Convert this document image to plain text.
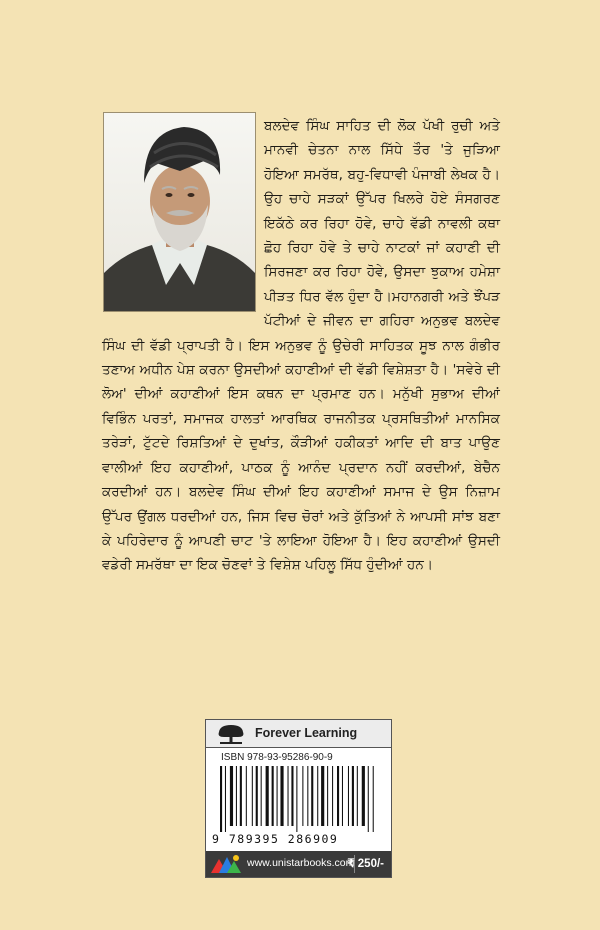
ਬਲਦੇਵ ਸਿੰਘ ਸਾਹਿਤ ਦੀ ਲੋਕ ਪੱਖੀ ਰੁਚੀ ਅਤੇ ਮਾਨਵੀ ਚੇਤਨਾ ਨਾਲ ਸਿੱਧੇ ਤੌਰ 'ਤੇ ਜੁੜਿਆ ਹੋਇਆ ਸਮਰੱਥ, ਬਹੁ-ਵਿਧਾਵੀ ਪੰਜਾਬੀ ਲੇਖਕ ਹੈ। ਉਹ ਚਾਹੇ ਸੜਕਾਂ ਉੱਪਰ ਖਿਲਰੇ ਹੋਏ ਸੰਸਗਰਣ ਇਕੱਠੇ ਕਰ ਰਿਹਾ ਹੋਵੇ, ਚਾਹੇ ਵੱਡੀ ਨਾਵਲੀ ਕਥਾ ਛੋਹ ਰਿਹਾ ਹੋਵੇ ਤੇ ਚਾਹੇ ਨਾਟਕਾਂ ਜਾਂ ਕਹਾਣੀ ਦੀ ਸਿਰਜਣਾ ਕਰ ਰਿਹਾ ਹੋਵੇ, ਉਸਦਾ ਝੁਕਾਅ ਹਮੇਸ਼ਾ ਪੀੜਤ ਧਿਰ ਵੱਲ ਹੁੰਦਾ ਹੈ।ਮਹਾਨਗਰੀ ਅਤੇ ਝੌਂਪੜ ਪੱਟੀਆਂ ਦੇ ਜੀਵਨ ਦਾ ਗਹਿਰਾ ਅਨੁਭਵ ਬਲਦੇਵ ਸਿੰਘ ਦੀ ਵੱਡੀ ਪ੍ਰਾਪਤੀ ਹੈ। ਇਸ ਅਨੁਭਵ ਨੂੰ ਉਚੇਰੀ ਸਾਹਿਤਕ ਸੂਝ ਨਾਲ ਗੰਭੀਰ ਤਣਾਅ ਅਧੀਨ ਪੇਸ਼ ਕਰਨਾ ਉਸਦੀਆਂ ਕਹਾਣੀਆਂ ਦੀ ਵੱਡੀ ਵਿਸ਼ੇਸ਼ਤਾ ਹੈ। 'ਸਵੇਰੇ ਦੀ ਲੋਅ' ਦੀਆਂ ਕਹਾਣੀਆਂ ਇਸ ਕਥਨ ਦਾ ਪ੍ਰਮਾਣ ਹਨ। ਮਨੁੱਖੀ ਸੁਭਾਅ ਦੀਆਂ ਵਿਭਿੰਨ ਪਰਤਾਂ, ਸਮਾਜਕ ਹਾਲਤਾਂ ਆਰਥਿਕ ਰਾਜਨੀਤਕ ਪ੍ਰਸਥਿਤੀਆਂ ਮਾਨਸਿਕ ਤਰੇੜਾਂ, ਟੁੱਟਦੇ ਰਿਸ਼ਤਿਆਂ ਦੇ ਦੁਖਾਂਤ, ਕੌੜੀਆਂ ਹਕੀਕਤਾਂ ਆਦਿ ਦੀ ਬਾਤ ਪਾਉਣ ਵਾਲੀਆਂ ਇਹ ਕਹਾਣੀਆਂ, ਪਾਠਕ ਨੂੰ ਆਨੰਦ ਪ੍ਰਦਾਨ ਨਹੀਂ ਕਰਦੀਆਂ, ਬੇਚੈਨ ਕਰਦੀਆਂ ਹਨ। ਬਲਦੇਵ ਸਿੰਘ ਦੀਆਂ ਇਹ ਕਹਾਣੀਆਂ ਸਮਾਜ ਦੇ ਉਸ ਨਿਜ਼ਾਮ ਉੱਪਰ ਉਂਗਲ ਧਰਦੀਆਂ ਹਨ, ਜਿਸ ਵਿਚ ਚੋਰਾਂ ਅਤੇ ਕੁੱਤਿਆਂ ਨੇ ਆਪਸੀ ਸਾਂਝ ਬਣਾ ਕੇ ਪਹਿਰੇਦਾਰ ਨੂੰ ਆਪਣੀ ਚਾਟ 'ਤੇ ਲਾਇਆ ਹੋਇਆ ਹੈ। ਇਹ ਕਹਾਣੀਆਂ ਉਸਦੀ ਵਡੇਰੀ ਸਮਰੱਥਾ ਦਾ ਇਕ ਚੋਣਵਾਂ ਤੇ ਵਿਸ਼ੇਸ਼ ਪਹਿਲੂ ਸਿੱਧ ਹੁੰਦੀਆਂ ਹਨ।

Forever Learning
ISBN 978-93-95286-90-9
9 789395 286909
www.unistarbooks.com
₹ 250/-
